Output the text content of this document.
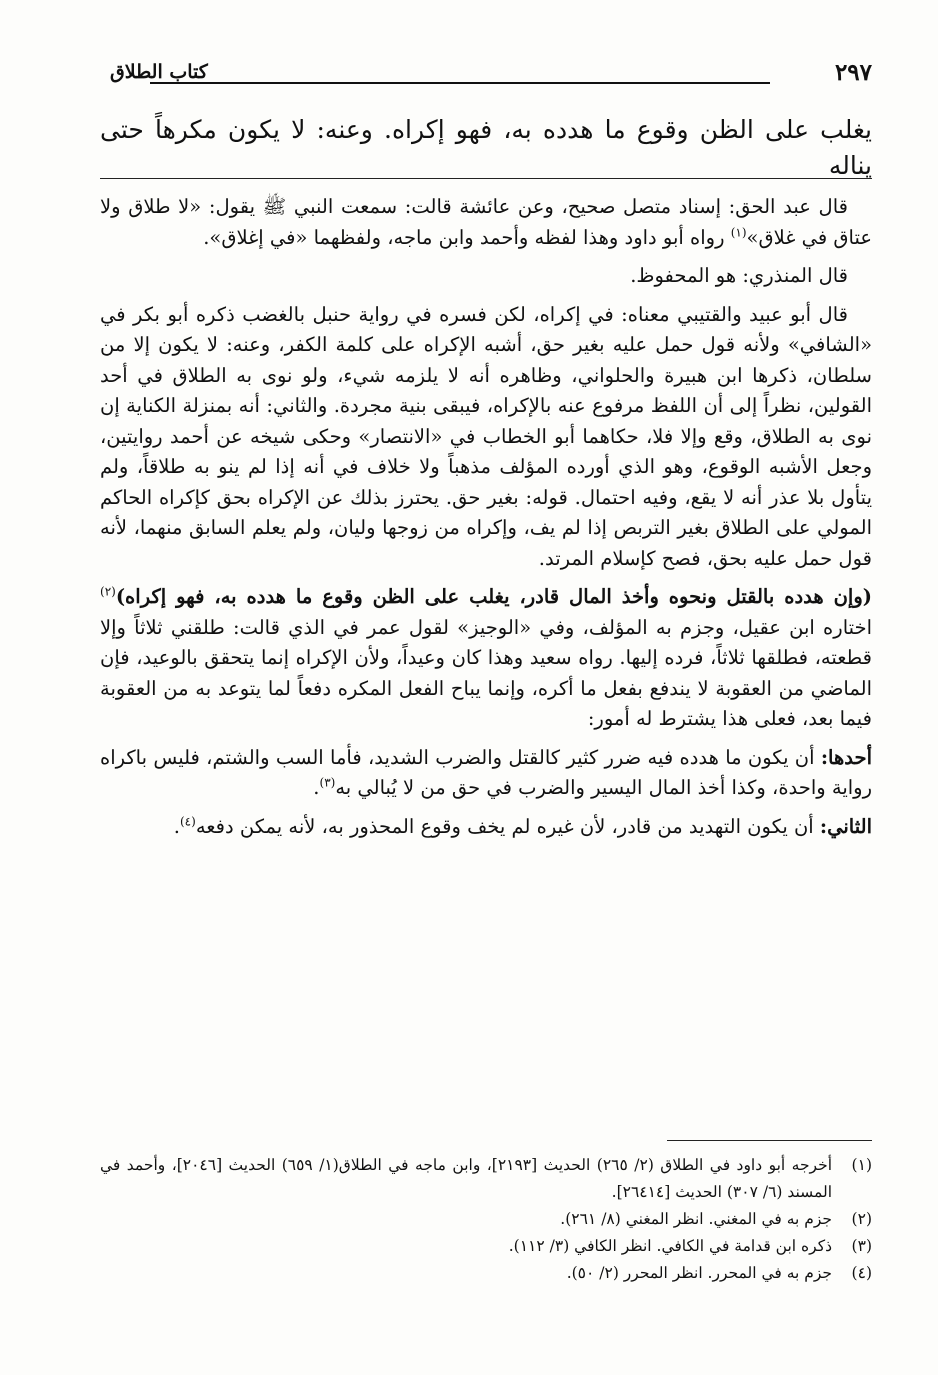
كتاب الطلاق	٢٩٧
يغلب على الظن وقوع ما هدده به، فهو إكراه. وعنه: لا يكون مكرهاً حتى يناله

قال عبد الحق: إسناد متصل صحيح، وعن عائشة قالت: سمعت النبي ﷺ يقول: «لا طلاق ولا عتاق في غلاق»$^{(١)}$ رواه أبو داود وهذا لفظه وأحمد وابن ماجه، ولفظهما «في إغلاق».

قال المنذري: هو المحفوظ.

قال أبو عبيد والقتيبي معناه: في إكراه، لكن فسره في رواية حنبل بالغضب ذكره أبو بكر في «الشافي» ولأنه قول حمل عليه بغير حق، أشبه الإكراه على كلمة الكفر، وعنه: لا يكون إلا من سلطان، ذكرها ابن هبيرة والحلواني، وظاهره أنه لا يلزمه شيء، ولو نوى به الطلاق في أحد القولين، نظراً إلى أن اللفظ مرفوع عنه بالإكراه، فيبقى بنية مجردة. والثاني: أنه بمنزلة الكناية إن نوى به الطلاق، وقع وإلا فلا، حكاهما أبو الخطاب في «الانتصار» وحكى شيخه عن أحمد روايتين، وجعل الأشبه الوقوع، وهو الذي أورده المؤلف مذهباً ولا خلاف في أنه إذا لم ينو به طلاقاً، ولم يتأول بلا عذر أنه لا يقع، وفيه احتمال. قوله: بغير حق. يحترز بذلك عن الإكراه بحق كإكراه الحاكم المولي على الطلاق بغير التربص إذا لم يف، وإكراه من زوجها وليان، ولم يعلم السابق منهما، لأنه قول حمل عليه بحق، فصح كإسلام المرتد.

(وإن هدده بالقتل ونحوه وأخذ المال قادر، يغلب على الظن وقوع ما هدده به، فهو إكراه)$^{(٢)}$ اختاره ابن عقيل، وجزم به المؤلف، وفي «الوجيز» لقول عمر في الذي قالت: طلقني ثلاثاً وإلا قطعته، فطلقها ثلاثاً، فرده إليها. رواه سعيد وهذا كان وعيداً، ولأن الإكراه إنما يتحقق بالوعيد، فإن الماضي من العقوبة لا يندفع بفعل ما أكره، وإنما يباح الفعل المكره دفعاً لما يتوعد به من العقوبة فيما بعد، فعلى هذا يشترط له أمور:

أحدها: أن يكون ما هدده فيه ضرر كثير كالقتل والضرب الشديد، فأما السب والشتم، فليس باكراه رواية واحدة، وكذا أخذ المال اليسير والضرب في حق من لا يُبالي به$^{(٣)}$.

الثاني: أن يكون التهديد من قادر، لأن غيره لم يخف وقوع المحذور به، لأنه يمكن دفعه$^{(٤)}$.

(١)
أخرجه أبو داود في الطلاق (٢/ ٢٦٥) الحديث [٢١٩٣]، وابن ماجه في الطلاق(١/ ٦٥٩) الحديث [٢٠٤٦]، وأحمد في المسند (٦/ ٣٠٧) الحديث [٢٦٤١٤].
(٢)
جزم به في المغني. انظر المغني (٨/ ٢٦١).
(٣)
ذكره ابن قدامة في الكافي. انظر الكافي (٣/ ١١٢).
(٤)
جزم به في المحرر. انظر المحرر (٢/ ٥٠).
